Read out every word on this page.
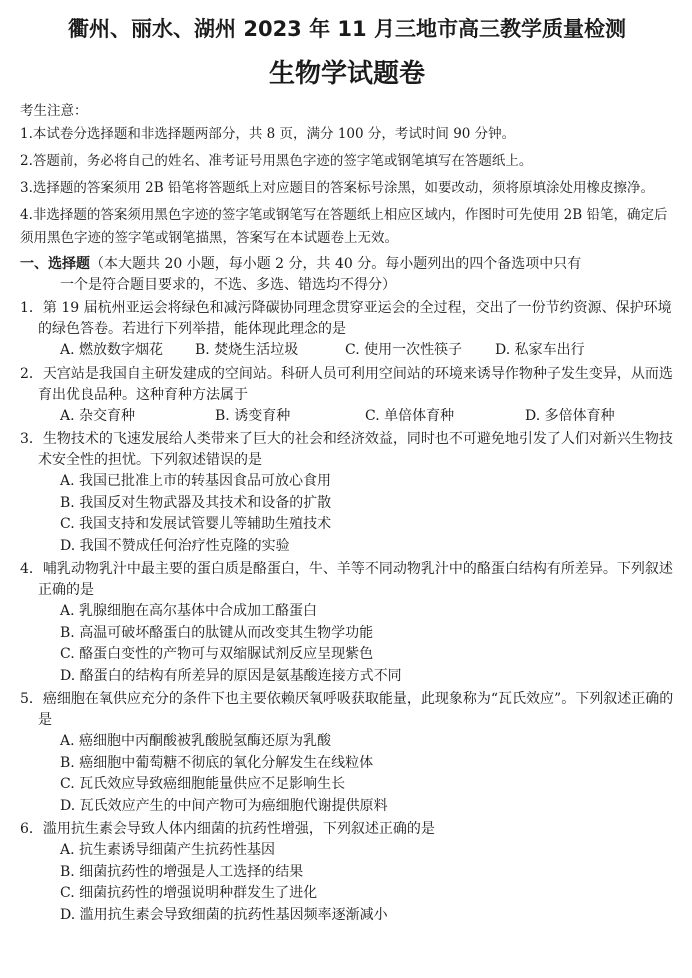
衢州、丽水、湖州 2023 年 11 月三地市高三教学质量检测
生物学试题卷
考生注意：

1.本试卷分选择题和非选择题两部分，共 8 页，满分 100 分，考试时间 90 分钟。

2.答题前，务必将自己的姓名、准考证号用黑色字迹的签字笔或钢笔填写在答题纸上。

3.选择题的答案须用 2B 铅笔将答题纸上对应题目的答案标号涂黑，如要改动，须将原填涂处用橡皮擦净。

4.非选择题的答案须用黑色字迹的签字笔或钢笔写在答题纸上相应区域内，作图时可先使用 2B 铅笔，确定后须用黑色字迹的签字笔或钢笔描黑，答案写在本试题卷上无效。

一、选择题（本大题共 20 小题，每小题 2 分，共 40 分。每小题列出的四个备选项中只有
一个是符合题目要求的，不选、多选、错选均不得分）
1．第 19 届杭州亚运会将绿色和减污降碳协同理念贯穿亚运会的全过程，交出了一份节约资源、保护环境的绿色答卷。若进行下列举措，能体现此理念的是
A. 燃放数字烟花	B. 焚烧生活垃圾	C. 使用一次性筷子	D. 私家车出行
2．天宫站是我国自主研发建成的空间站。科研人员可利用空间站的环境来诱导作物种子发生变异，从而选育出优良品种。这种育种方法属于
A. 杂交育种	B. 诱变育种	C. 单倍体育种	D. 多倍体育种
3．生物技术的飞速发展给人类带来了巨大的社会和经济效益，同时也不可避免地引发了人们对新兴生物技术安全性的担忧。下列叙述错误的是
A. 我国已批准上市的转基因食品可放心食用
B. 我国反对生物武器及其技术和设备的扩散
C. 我国支持和发展试管婴儿等辅助生殖技术
D. 我国不赞成任何治疗性克隆的实验
4．哺乳动物乳汁中最主要的蛋白质是酪蛋白，牛、羊等不同动物乳汁中的酪蛋白结构有所差异。下列叙述正确的是
A. 乳腺细胞在高尔基体中合成加工酪蛋白
B. 高温可破坏酪蛋白的肽键从而改变其生物学功能
C. 酪蛋白变性的产物可与双缩脲试剂反应呈现紫色
D. 酪蛋白的结构有所差异的原因是氨基酸连接方式不同
5．癌细胞在氧供应充分的条件下也主要依赖厌氧呼吸获取能量，此现象称为“瓦氏效应”。下列叙述正确的是
A. 癌细胞中丙酮酸被乳酸脱氢酶还原为乳酸
B. 癌细胞中葡萄糖不彻底的氧化分解发生在线粒体
C. 瓦氏效应导致癌细胞能量供应不足影响生长
D. 瓦氏效应产生的中间产物可为癌细胞代谢提供原料
6．滥用抗生素会导致人体内细菌的抗药性增强，下列叙述正确的是
A. 抗生素诱导细菌产生抗药性基因
B. 细菌抗药性的增强是人工选择的结果
C. 细菌抗药性的增强说明种群发生了进化
D. 滥用抗生素会导致细菌的抗药性基因频率逐渐减小
